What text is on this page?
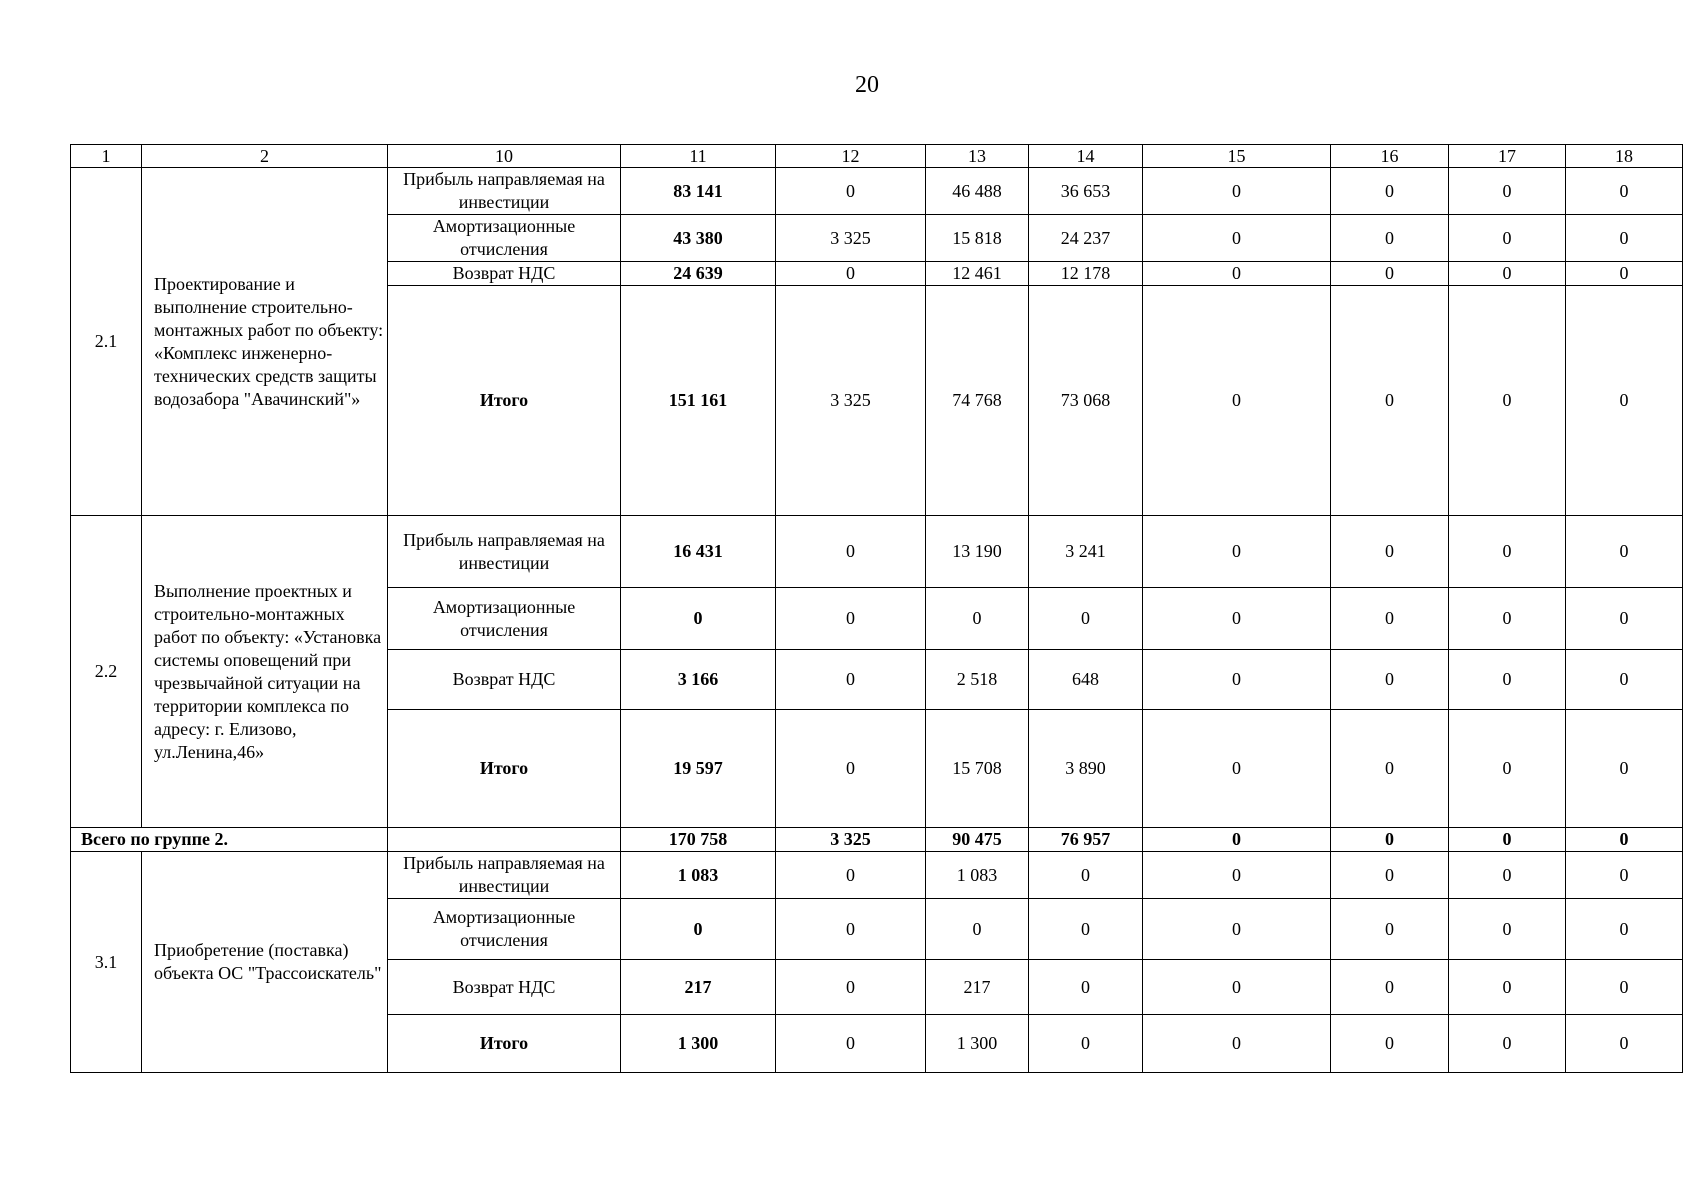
20
1	2	10	11	12	13	14	15	16	17	18
2.1	Проектирование и выполнение строительно-монтажных работ по объекту: «Комплекс инженерно-технических средств защиты водозабора "Авачинский"»	Прибыль направляемая на инвестиции	83 141	0	46 488	36 653	0	0	0	0
		Амортизационные отчисления	43 380	3 325	15 818	24 237	0	0	0	0
		Возврат НДС	24 639	0	12 461	12 178	0	0	0	0
		Итого	151 161	3 325	74 768	73 068	0	0	0	0
2.2	Выполнение проектных и строительно-монтажных работ по объекту: «Установка системы оповещений при чрезвычайной ситуации на территории комплекса по адресу: г. Елизово, ул.Ленина,46»	Прибыль направляемая на инвестиции	16 431	0	13 190	3 241	0	0	0	0
		Амортизационные отчисления	0	0	0	0	0	0	0	0
		Возврат НДС	3 166	0	2 518	648	0	0	0	0
		Итого	19 597	0	15 708	3 890	0	0	0	0
Всего по группе 2.			170 758	3 325	90 475	76 957	0	0	0	0
3.1	Приобретение (поставка) объекта ОС "Трассоискатель"	Прибыль направляемая на инвестиции	1 083	0	1 083	0	0	0	0	0
		Амортизационные отчисления	0	0	0	0	0	0	0	0
		Возврат НДС	217	0	217	0	0	0	0	0
		Итого	1 300	0	1 300	0	0	0	0	0
